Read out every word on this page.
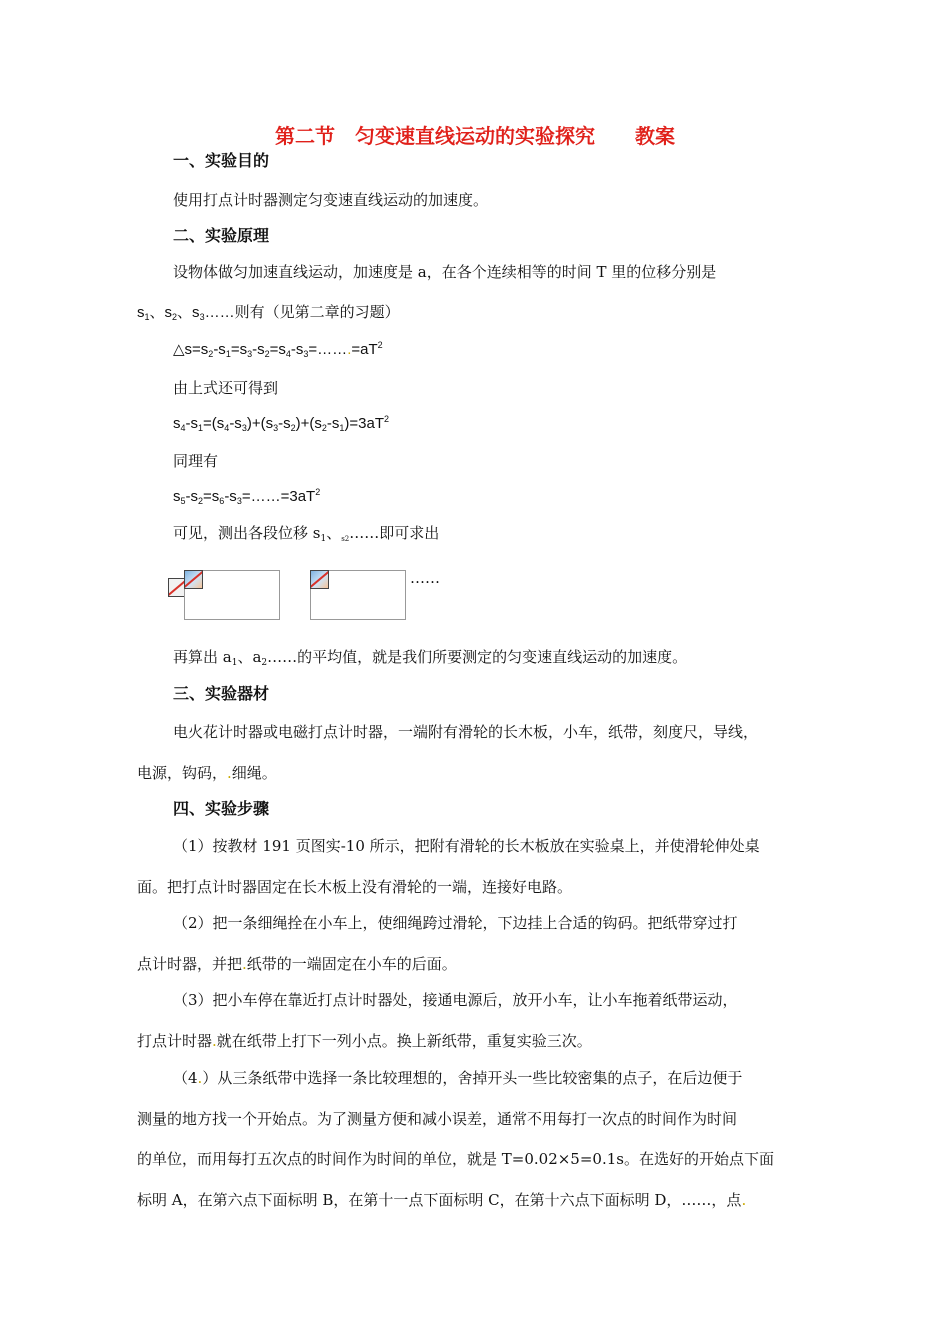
第二节　匀变速直线运动的实验探究　　教案
一、实验目的
使用打点计时器测定匀变速直线运动的加速度。
二、实验原理
设物体做匀加速直线运动，加速度是 a，在各个连续相等的时间 T 里的位移分别是
$s_1$、$s_2$、$s_3\dots\dots$则有（见第二章的习题）
$\triangle s=s_2-s_1=s_3-s_2=s_4-s_3=\dots\dots.=aT^2$
由上式还可得到
$s_4-s_1=(s_4-s_3)+(s_3-s_2)+(s_2-s_1)=3aT^2$
同理有
$s_5-s_2=s_6-s_3=\dots\dots=3aT^2$
可见，测出各段位移 $s_1$、$_{s2}$……即可求出
……
再算出 $a_1$、$a_2\dots\dots$的平均值，就是我们所要测定的匀变速直线运动的加速度。
三、实验器材
电火花计时器或电磁打点计时器，一端附有滑轮的长木板，小车，纸带，刻度尺，导线，
电源，钩码，.细绳。
四、实验步骤
（1）按教材 191 页图实-10 所示，把附有滑轮的长木板放在实验桌上，并使滑轮伸处桌
面。把打点计时器固定在长木板上没有滑轮的一端，连接好电路。
（2）把一条细绳拴在小车上，使细绳跨过滑轮，下边挂上合适的钩码。把纸带穿过打
点计时器，并把.纸带的一端固定在小车的后面。
（3）把小车停在靠近打点计时器处，接通电源后，放开小车，让小车拖着纸带运动，
打点计时器.就在纸带上打下一列小点。换上新纸带，重复实验三次。
（4.）从三条纸带中选择一条比较理想的，舍掉开头一些比较密集的点子，在后边便于
测量的地方找一个开始点。为了测量方便和减小误差，通常不用每打一次点的时间作为时间
的单位，而用每打五次点的时间作为时间的单位，就是 T=0.02×5=0.1s。在选好的开始点下面
标明 A，在第六点下面标明 B，在第十一点下面标明 C，在第十六点下面标明 D，……，点.
